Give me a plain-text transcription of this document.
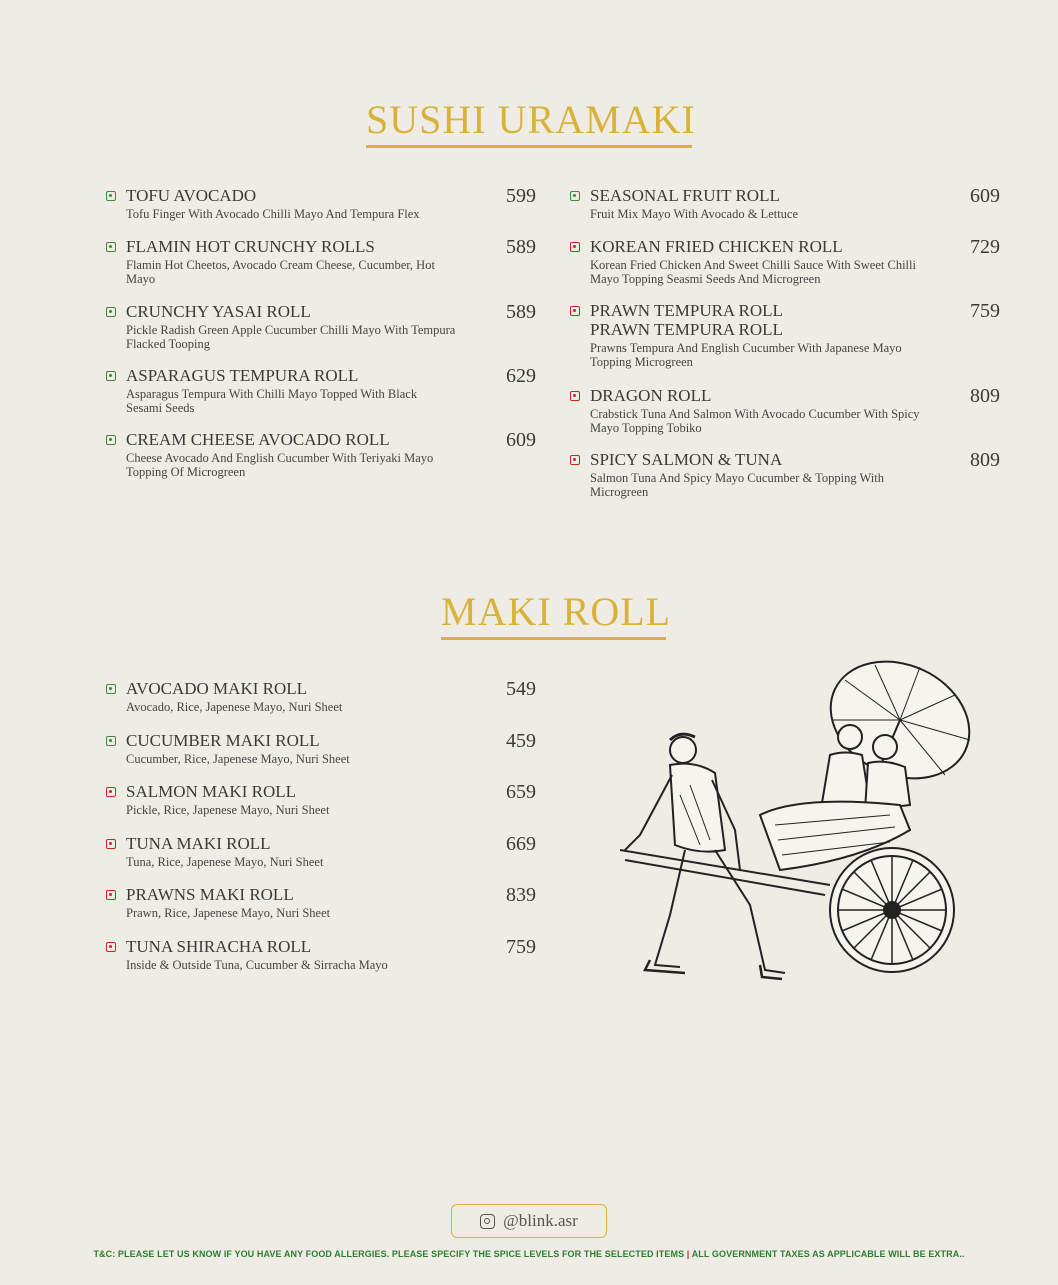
SUSHI URAMAKI
TOFU AVOCADO
Tofu Finger With Avocado Chilli Mayo And Tempura Flex
599
FLAMIN HOT CRUNCHY ROLLS
Flamin Hot Cheetos, Avocado Cream Cheese, Cucumber, Hot Mayo
589
CRUNCHY YASAI ROLL
Pickle Radish Green Apple Cucumber Chilli Mayo With Tempura Flacked Tooping
589
ASPARAGUS TEMPURA ROLL
Asparagus Tempura With Chilli Mayo Topped With Black Sesami Seeds
629
CREAM CHEESE AVOCADO ROLL
Cheese Avocado And English Cucumber With Teriyaki Mayo Topping Of Microgreen
609
SEASONAL FRUIT ROLL
Fruit Mix Mayo With Avocado & Lettuce
609
KOREAN FRIED CHICKEN ROLL
Korean Fried Chicken And Sweet Chilli Sauce With Sweet Chilli Mayo Topping Seasmi Seeds And Microgreen
729
PRAWN TEMPURA ROLL PRAWN TEMPURA ROLL
Prawns Tempura And English Cucumber With Japanese Mayo Topping Microgreen
759
DRAGON ROLL
Crabstick Tuna And Salmon With Avocado Cucumber With Spicy Mayo Topping Tobiko
809
SPICY SALMON & TUNA
Salmon Tuna And Spicy Mayo Cucumber & Topping With Microgreen
809
MAKI ROLL
AVOCADO MAKI ROLL
Avocado, Rice, Japenese Mayo, Nuri Sheet
549
CUCUMBER MAKI ROLL
Cucumber, Rice, Japenese Mayo, Nuri Sheet
459
SALMON MAKI ROLL
Pickle, Rice, Japenese Mayo, Nuri Sheet
659
TUNA MAKI ROLL
Tuna, Rice, Japenese Mayo, Nuri Sheet
669
PRAWNS MAKI ROLL
Prawn, Rice, Japenese Mayo, Nuri Sheet
839
TUNA SHIRACHA ROLL
Inside & Outside Tuna, Cucumber & Sirracha Mayo
759
@blink.asr
T&C: PLEASE LET US KNOW IF YOU HAVE ANY FOOD ALLERGIES. PLEASE SPECIFY THE SPICE LEVELS FOR THE SELECTED ITEMS | ALL GOVERNMENT TAXES AS APPLICABLE WILL BE EXTRA..
